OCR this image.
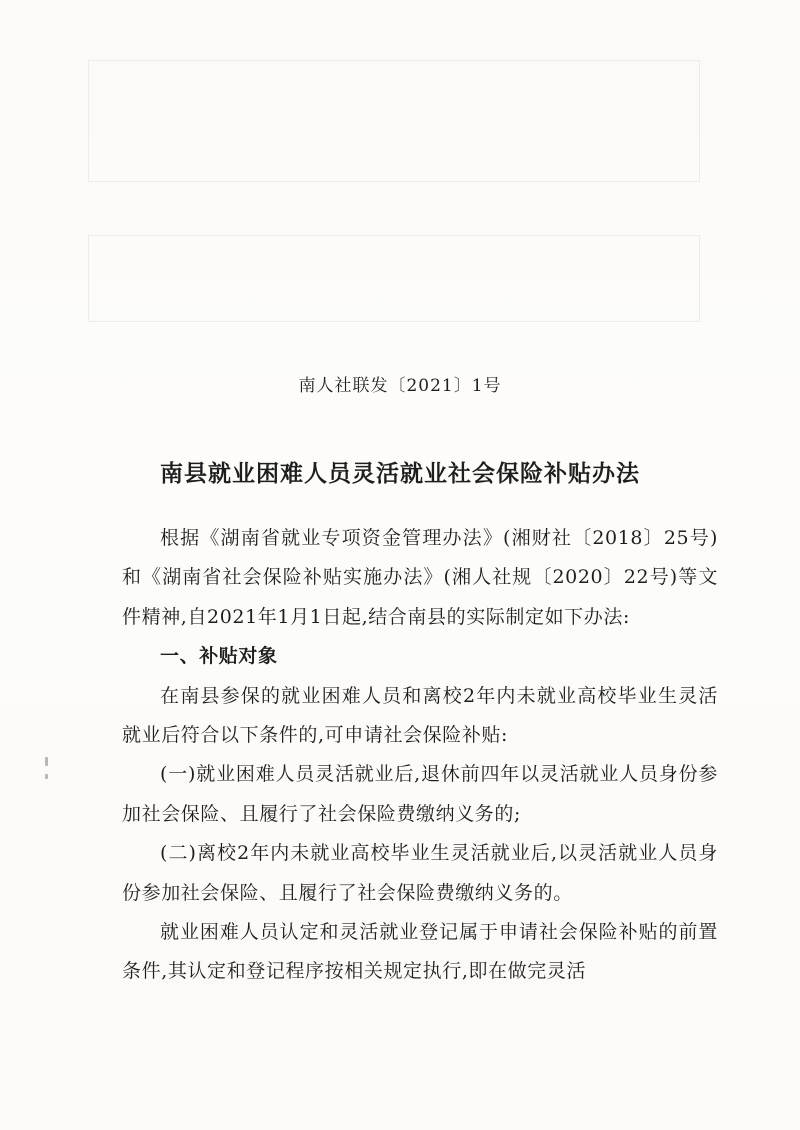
南人社联发〔2021〕1号
南县就业困难人员灵活就业社会保险补贴办法

根据《湖南省就业专项资金管理办法》(湘财社〔2018〕25号)和《湖南省社会保险补贴实施办法》(湘人社规〔2020〕22号)等文件精神,自2021年1月1日起,结合南县的实际制定如下办法:

一、补贴对象

在南县参保的就业困难人员和离校2年内未就业高校毕业生灵活就业后符合以下条件的,可申请社会保险补贴:

(一)就业困难人员灵活就业后,退休前四年以灵活就业人员身份参加社会保险、且履行了社会保险费缴纳义务的;

(二)离校2年内未就业高校毕业生灵活就业后,以灵活就业人员身份参加社会保险、且履行了社会保险费缴纳义务的。

就业困难人员认定和灵活就业登记属于申请社会保险补贴的前置条件,其认定和登记程序按相关规定执行,即在做完灵活
